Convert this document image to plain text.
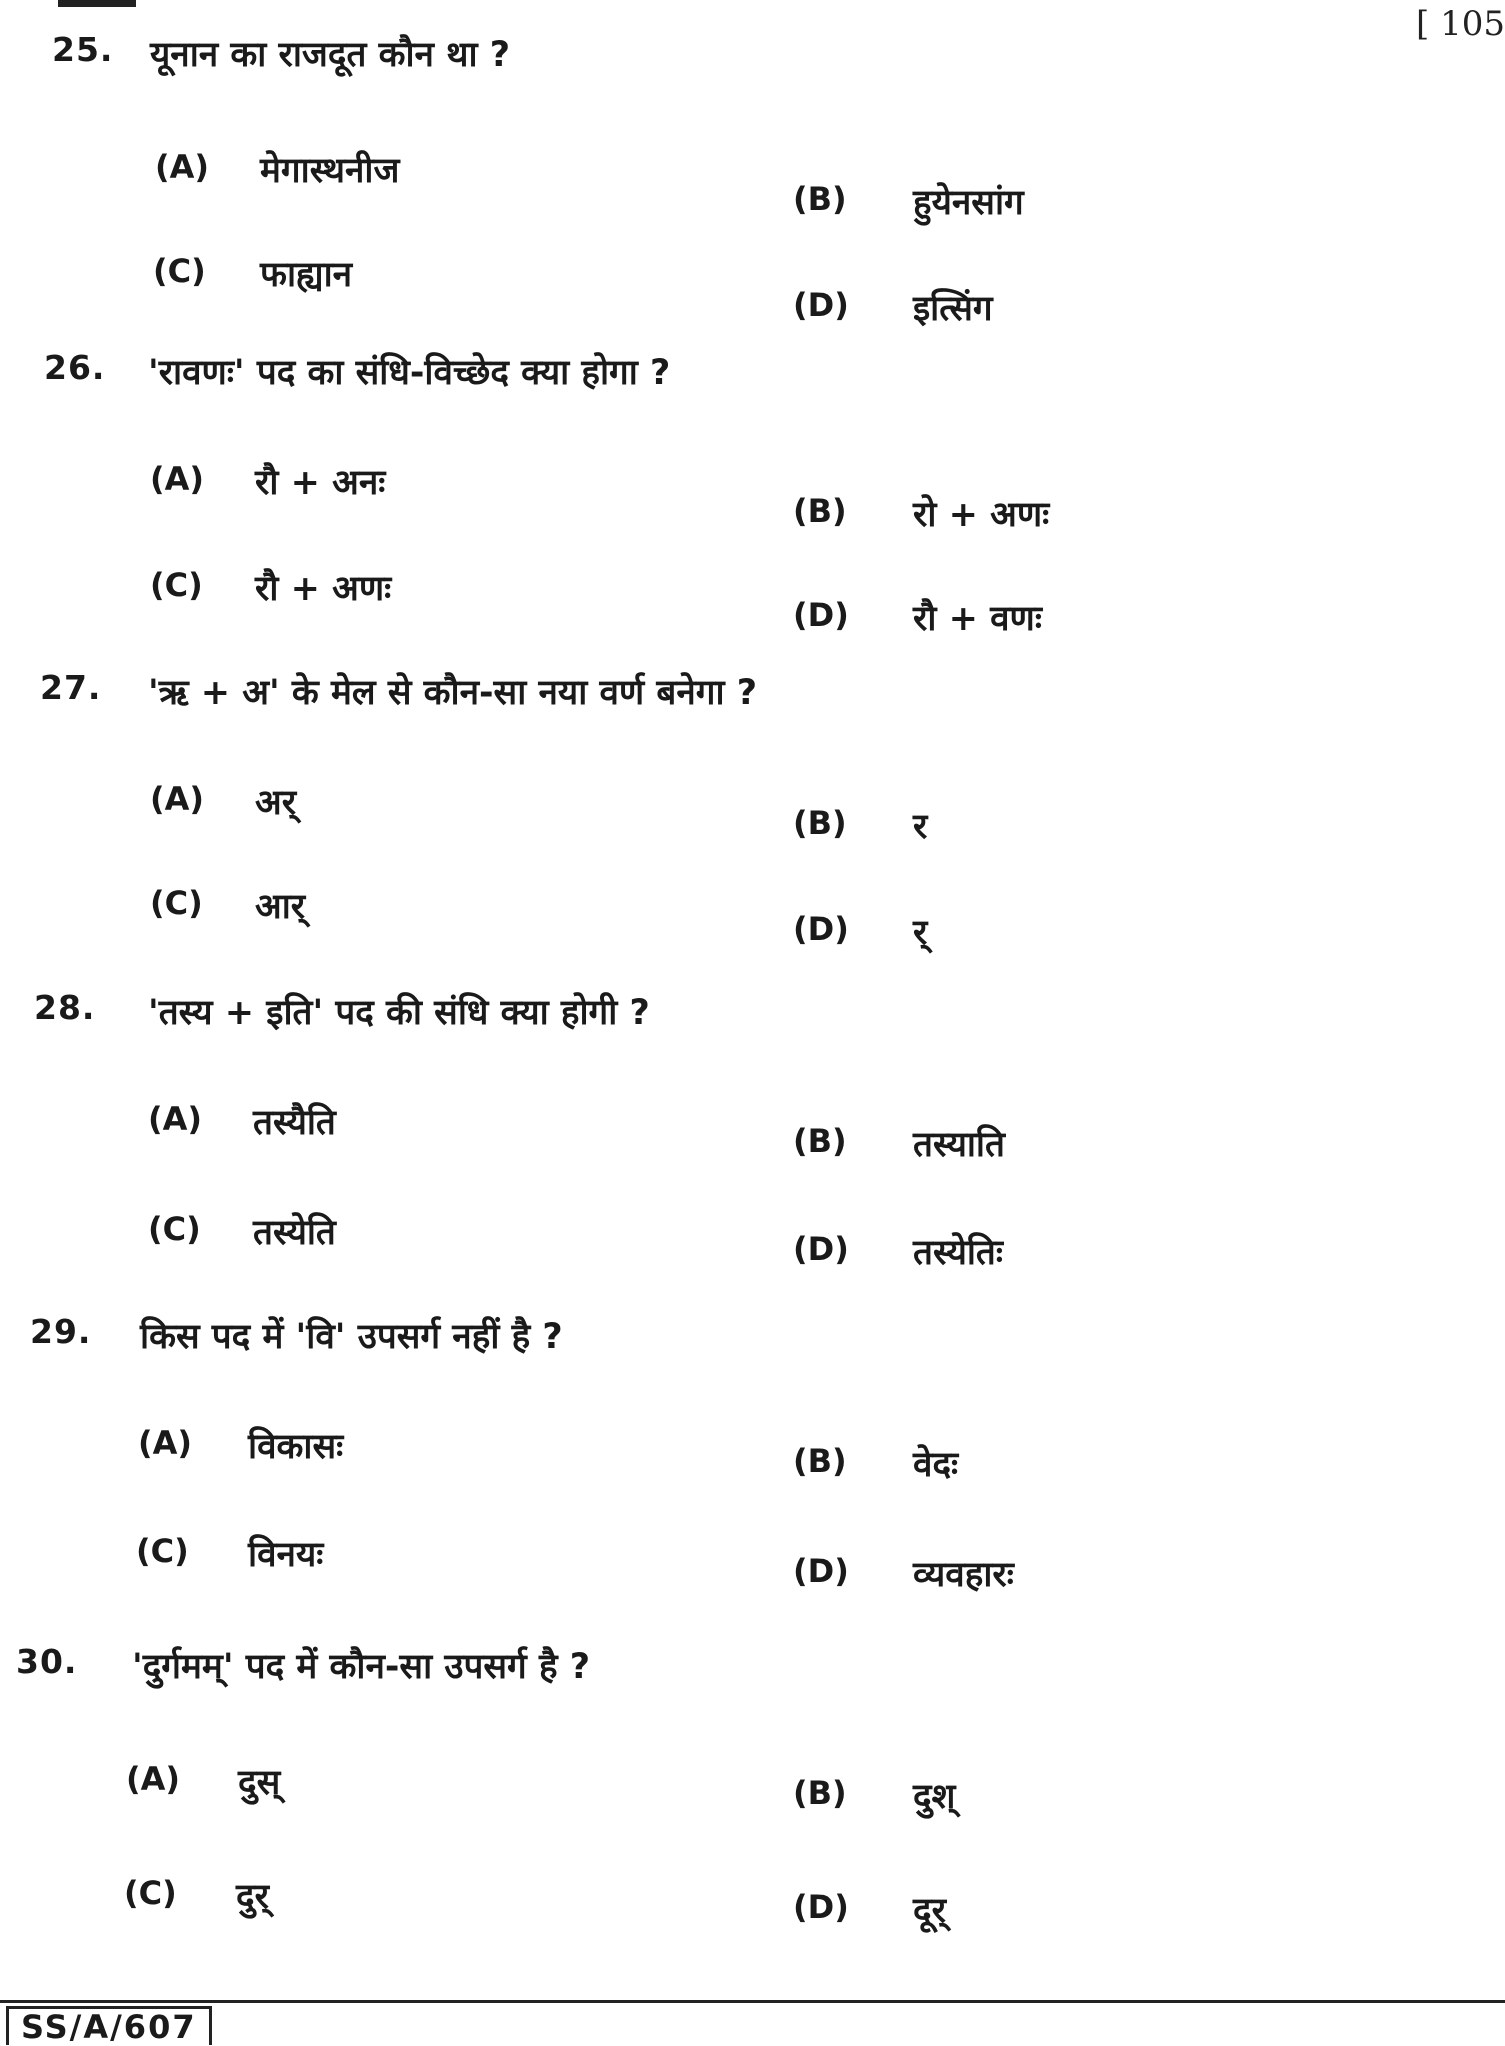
[ 105
25. यूनान का राजदूत कौन था ?
(A) मेगास्थनीज
(B) हुयेनसांग
(C) फाह्यान
(D) इत्सिंग
26. 'रावणः' पद का संधि-विच्छेद क्या होगा ?
(A) रौ + अनः
(B) रो + अणः
(C) रौ + अणः
(D) रौ + वणः
27. 'ऋ + अ' के मेल से कौन-सा नया वर्ण बनेगा ?
(A) अर्	(B) र
(C) आर्
(D) र्
28. 'तस्य + इति' पद की संधि क्या होगी ?
(A) तस्यैति	(B) तस्याति
(C) तस्येति	(D) तस्येतिः
29. किस पद में 'वि' उपसर्ग नहीं है ?
(A) विकासः	(B) वेदः
(C) विनयः	(D) व्यवहारः
30. 'दुर्गमम्' पद में कौन-सा उपसर्ग है ?
(A) दुस्	(B) दुश्
(C) दुर्	(D) दूर्
SS/A/607
